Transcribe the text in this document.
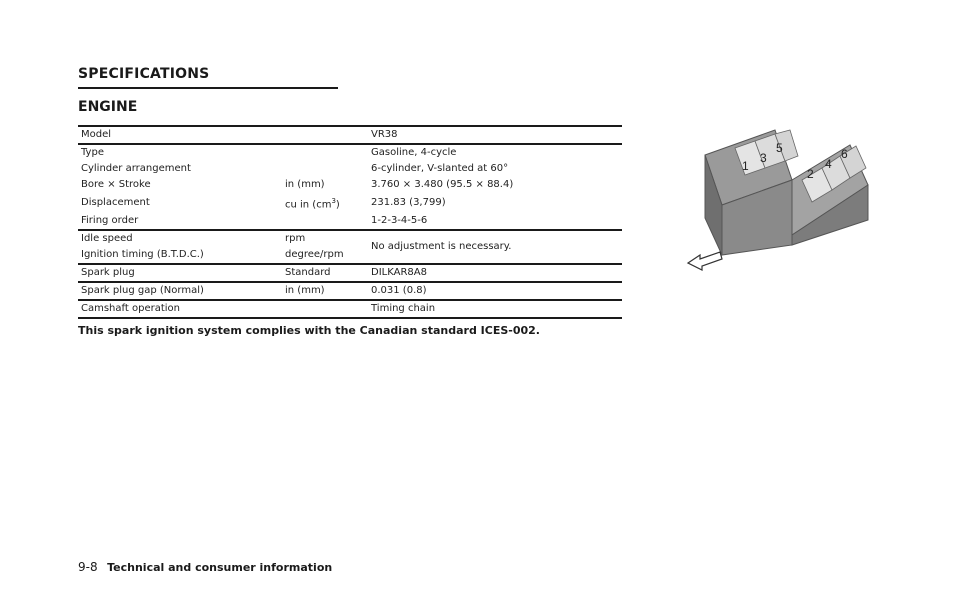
SPECIFICATIONS
ENGINE
Model		VR38
Type		Gasoline, 4-cycle
Cylinder arrangement		6-cylinder, V-slanted at 60°
Bore × Stroke	in (mm)	3.760 × 3.480 (95.5 × 88.4)
Displacement	cu in $(cm^3)$	231.83 (3,799)
Firing order		1-2-3-4-5-6
Idle speed	rpm	No adjustment is necessary.
Ignition timing (B.T.D.C.)	degree/rpm	
Spark plug	Standard	DILKAR8A8
Spark plug gap (Normal)	in (mm)	0.031 (0.8)
Camshaft operation		Timing chain
This spark ignition system complies with the Canadian standard ICES-002.
1
3
5
2
4
6
9-8 Technical and consumer information
